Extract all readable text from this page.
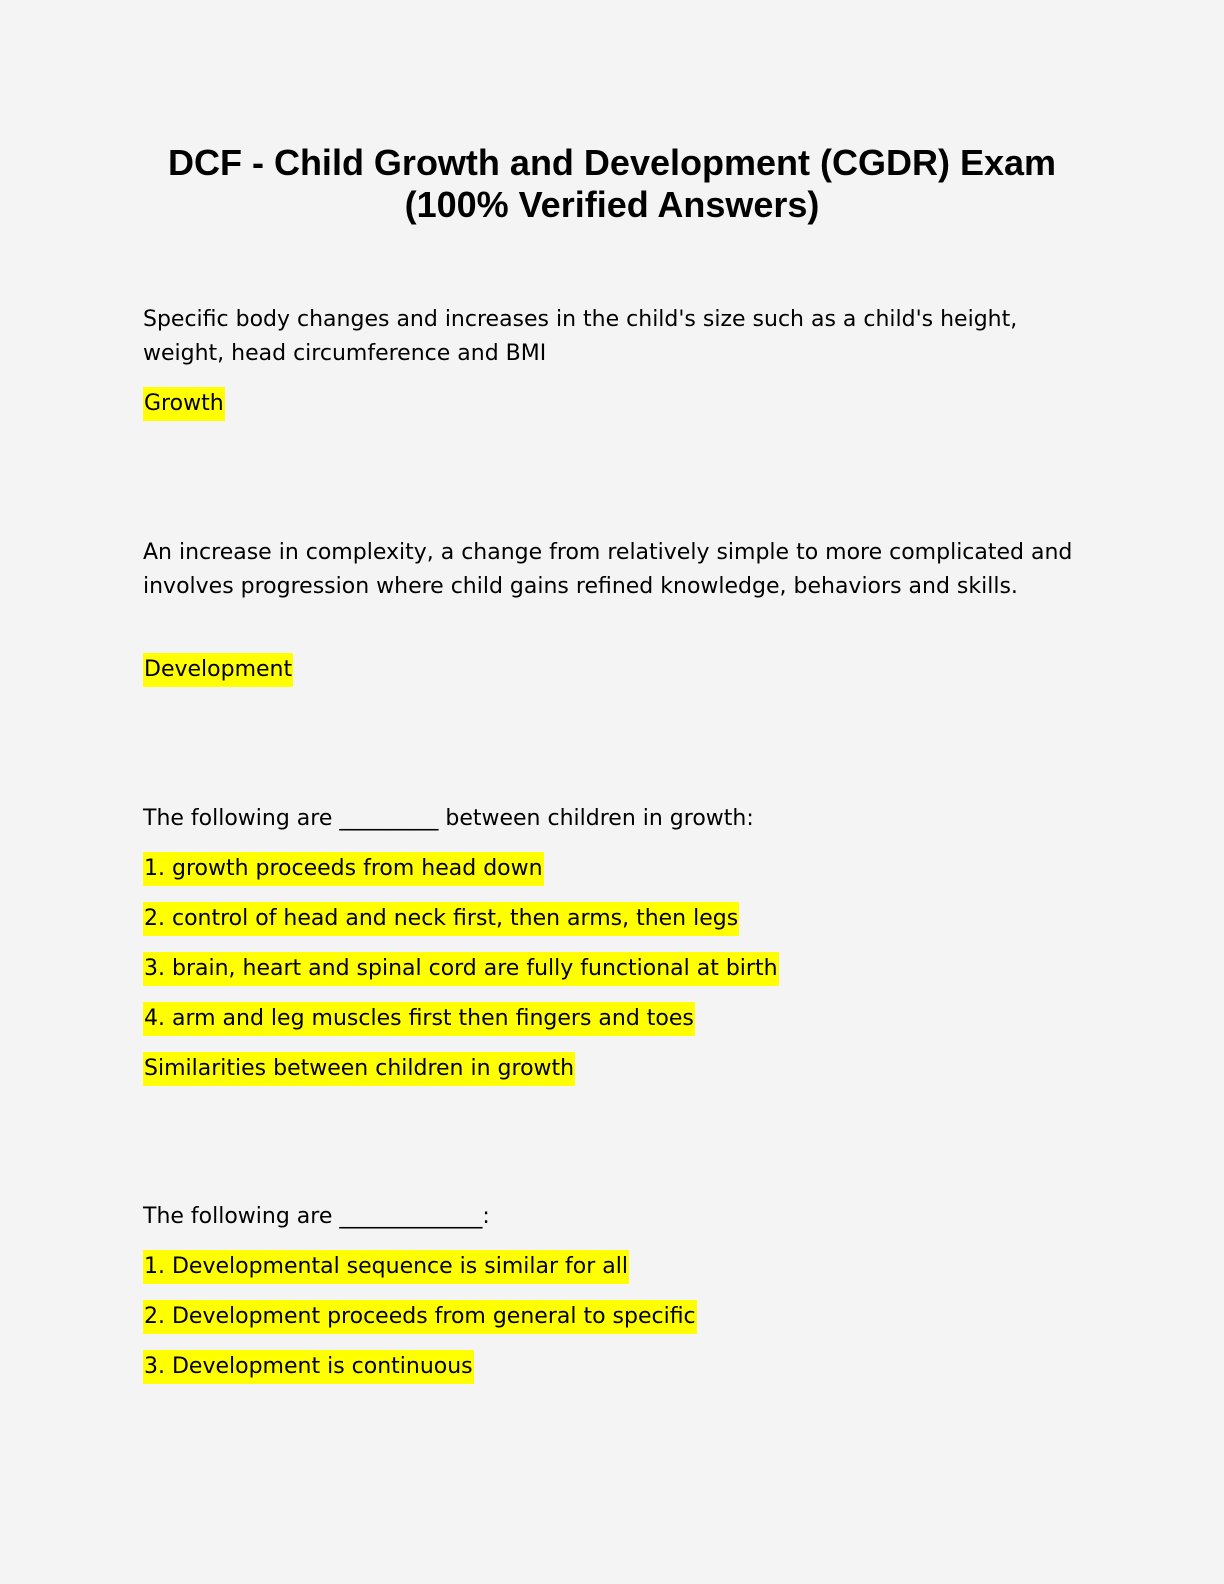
DCF - Child Growth and Development (CGDR) Exam
(100% Verified Answers)

Specific body changes and increases in the child's size such as a child's height, weight, head circumference and BMI

Growth

An increase in complexity, a change from relatively simple to more complicated and involves progression where child gains refined knowledge, behaviors and skills.

Development

The following are _________ between children in growth:

1. growth proceeds from head down

2. control of head and neck first, then arms, then legs

3. brain, heart and spinal cord are fully functional at birth

4. arm and leg muscles first then fingers and toes

Similarities between children in growth

The following are _____________:

1. Developmental sequence is similar for all

2. Development proceeds from general to specific

3. Development is continuous
